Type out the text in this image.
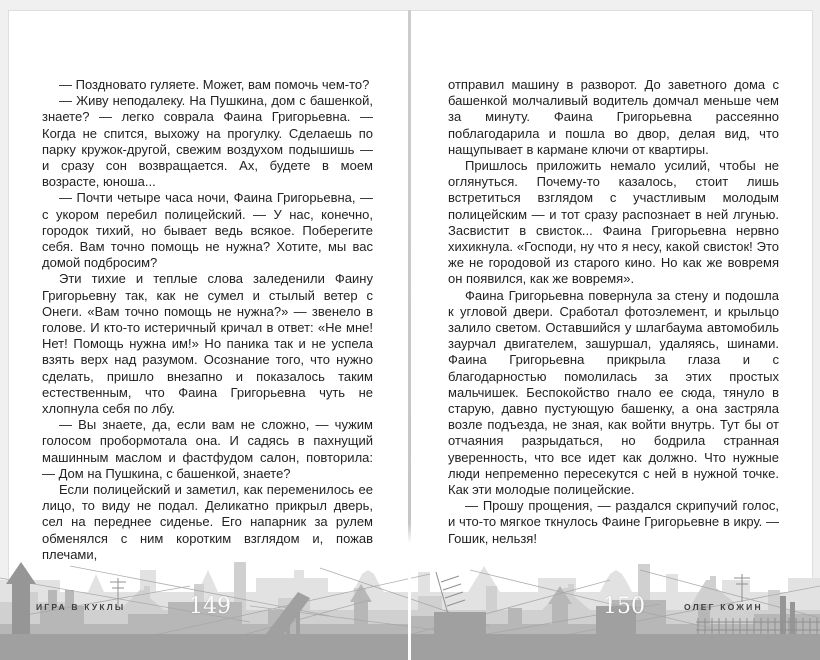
— Поздновато гуляете. Может, вам помочь чем-то?

— Живу неподалеку. На Пушкина, дом с башенкой, знаете? — легко соврала Фаина Григорьевна. — Когда не спится, выхожу на прогулку. Сделаешь по парку кружок-другой, свежим воздухом подышишь — и сразу сон возвращается. Ах, будете в моем возрасте, юноша...

— Почти четыре часа ночи, Фаина Григорьевна, — с укором перебил полицейский. — У нас, конечно, городок тихий, но бывает ведь всякое. Поберегите себя. Вам точно помощь не нужна? Хотите, мы вас домой подбросим?

Эти тихие и теплые слова заледенили Фаину Григорьевну так, как не сумел и стылый ветер с Онеги. «Вам точно помощь не нужна?» — звенело в голове. И кто-то истеричный кричал в ответ: «Не мне! Нет! Помощь нужна им!» Но паника так и не успела взять верх над разумом. Осознание того, что нужно сделать, пришло внезапно и показалось таким естественным, что Фаина Григорьевна чуть не хлопнула себя по лбу.

— Вы знаете, да, если вам не сложно, — чужим голосом пробормотала она. И садясь в пахнущий машинным маслом и фастфудом салон, повторила: — Дом на Пушкина, с башенкой, знаете?

Если полицейский и заметил, как переменилось ее лицо, то виду не подал. Деликатно прикрыл дверь, сел на переднее сиденье. Его напарник за рулем обменялся с ним коротким взглядом и, пожав плечами,

отправил машину в разворот. До заветного дома с башенкой молчаливый водитель домчал меньше чем за минуту. Фаина Григорьевна рассеянно поблагодарила и пошла во двор, делая вид, что нащупывает в кармане ключи от квартиры.

Пришлось приложить немало усилий, чтобы не оглянуться. Почему-то казалось, стоит лишь встретиться взглядом с участливым молодым полицейским — и тот сразу распознает в ней лгунью. Засвистит в свисток... Фаина Григорьевна нервно хихикнула. «Господи, ну что я несу, какой свисток! Это же не городовой из старого кино. Но как же вовремя он появился, как же вовремя».

Фаина Григорьевна повернула за стену и подошла к угловой двери. Сработал фотоэлемент, и крыльцо залило светом. Оставшийся у шлагбаума автомобиль заурчал двигателем, зашуршал, удаляясь, шинами. Фаина Григорьевна прикрыла глаза и с благодарностью помолилась за этих простых мальчишек. Беспокойство гнало ее сюда, тянуло в старую, давно пустующую башенку, а она застряла возле подъезда, не зная, как войти внутрь. Тут бы от отчаяния разрыдаться, но бодрила странная уверенность, что все идет как должно. Что нужные люди непременно пересекутся с ней в нужной точке. Как эти молодые полицейские.

— Прошу прощения, — раздался скрипучий голос, и что-то мягкое ткнулось Фаине Григорьевне в икру. — Гошик, нельзя!

ИГРА В КУКЛЫ	149	150	ОЛЕГ КОЖИН
